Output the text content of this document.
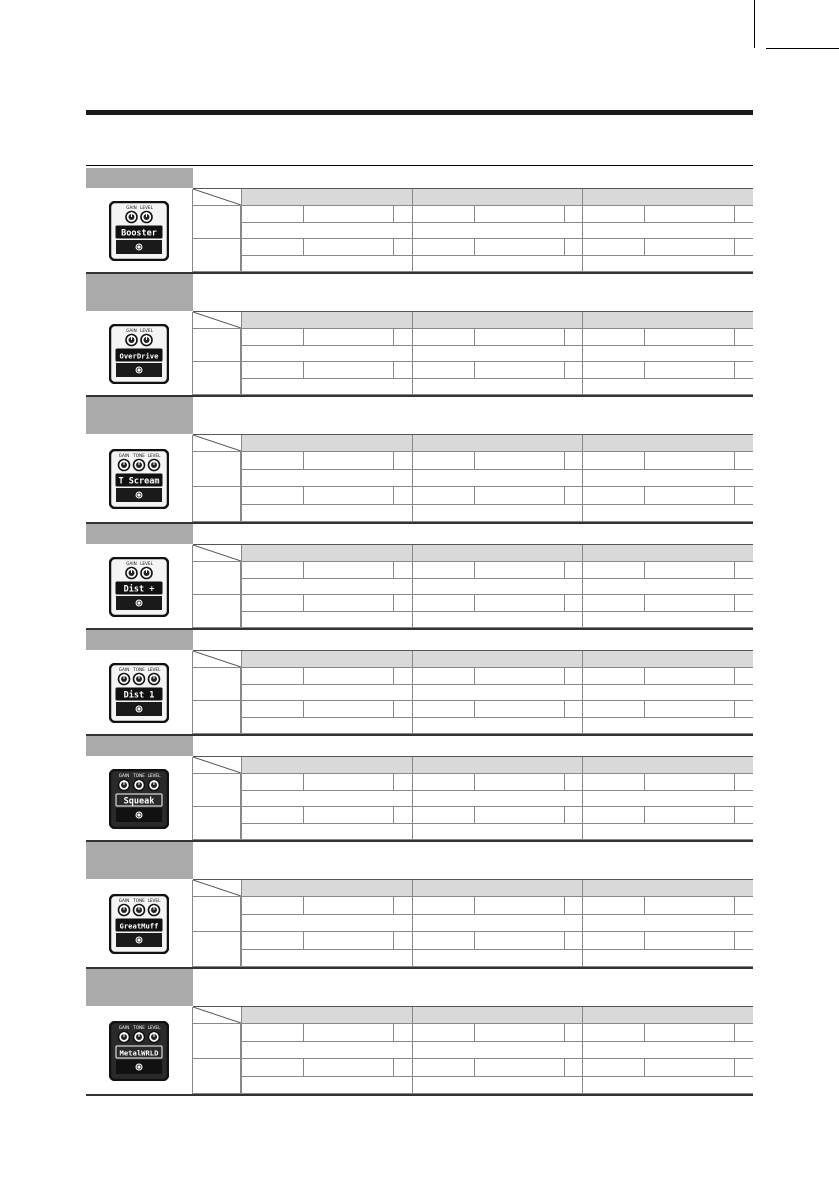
GAIN LEVEL
Booster
GAIN LEVEL
OverDrive
GAIN TONE LEVEL
T Scream
GAIN LEVEL
Dist +
GAIN TONE LEVEL
Dist 1
GAIN TONE LEVEL
Squeak
GAIN TONE LEVEL
GreatMuff
GAIN TONE LEVEL
MetalWRLD
